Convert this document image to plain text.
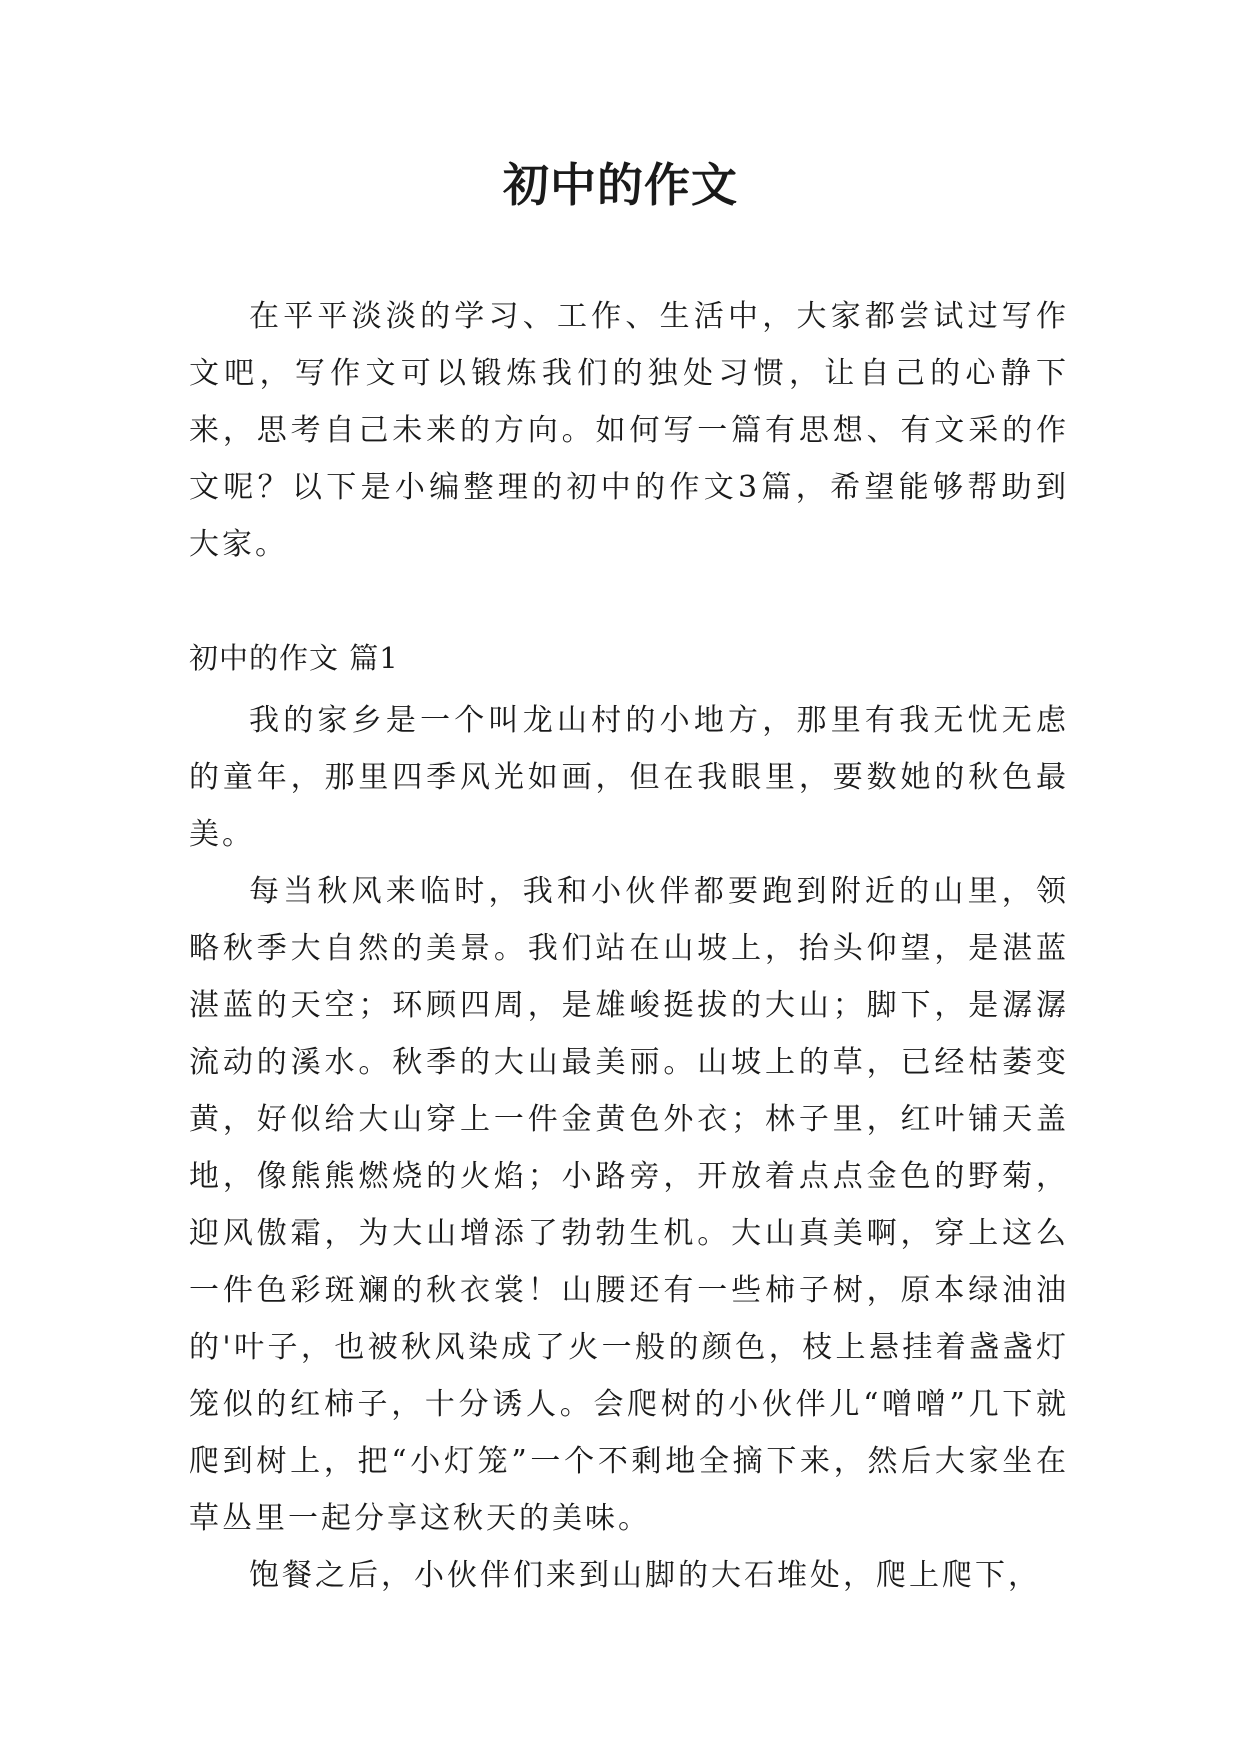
初中的作文

在平平淡淡的学习、工作、生活中，大家都尝试过写作文吧，写作文可以锻炼我们的独处习惯，让自己的心静下来，思考自己未来的方向。如何写一篇有思想、有文采的作文呢？以下是小编整理的初中的作文3篇，希望能够帮助到大家。

初中的作文 篇1

我的家乡是一个叫龙山村的小地方，那里有我无忧无虑的童年，那里四季风光如画，但在我眼里，要数她的秋色最美。

每当秋风来临时，我和小伙伴都要跑到附近的山里，领略秋季大自然的美景。我们站在山坡上，抬头仰望，是湛蓝湛蓝的天空；环顾四周，是雄峻挺拔的大山；脚下，是潺潺流动的溪水。秋季的大山最美丽。山坡上的草，已经枯萎变黄，好似给大山穿上一件金黄色外衣；林子里，红叶铺天盖地，像熊熊燃烧的火焰；小路旁，开放着点点金色的野菊，迎风傲霜，为大山增添了勃勃生机。大山真美啊，穿上这么一件色彩斑斓的秋衣裳！山腰还有一些柿子树，原本绿油油的'叶子，也被秋风染成了火一般的颜色，枝上悬挂着盏盏灯笼似的红柿子，十分诱人。会爬树的小伙伴儿“噌噌”几下就爬到树上，把“小灯笼”一个不剩地全摘下来，然后大家坐在草丛里一起分享这秋天的美味。

饱餐之后，小伙伴们来到山脚的大石堆处，爬上爬下，
